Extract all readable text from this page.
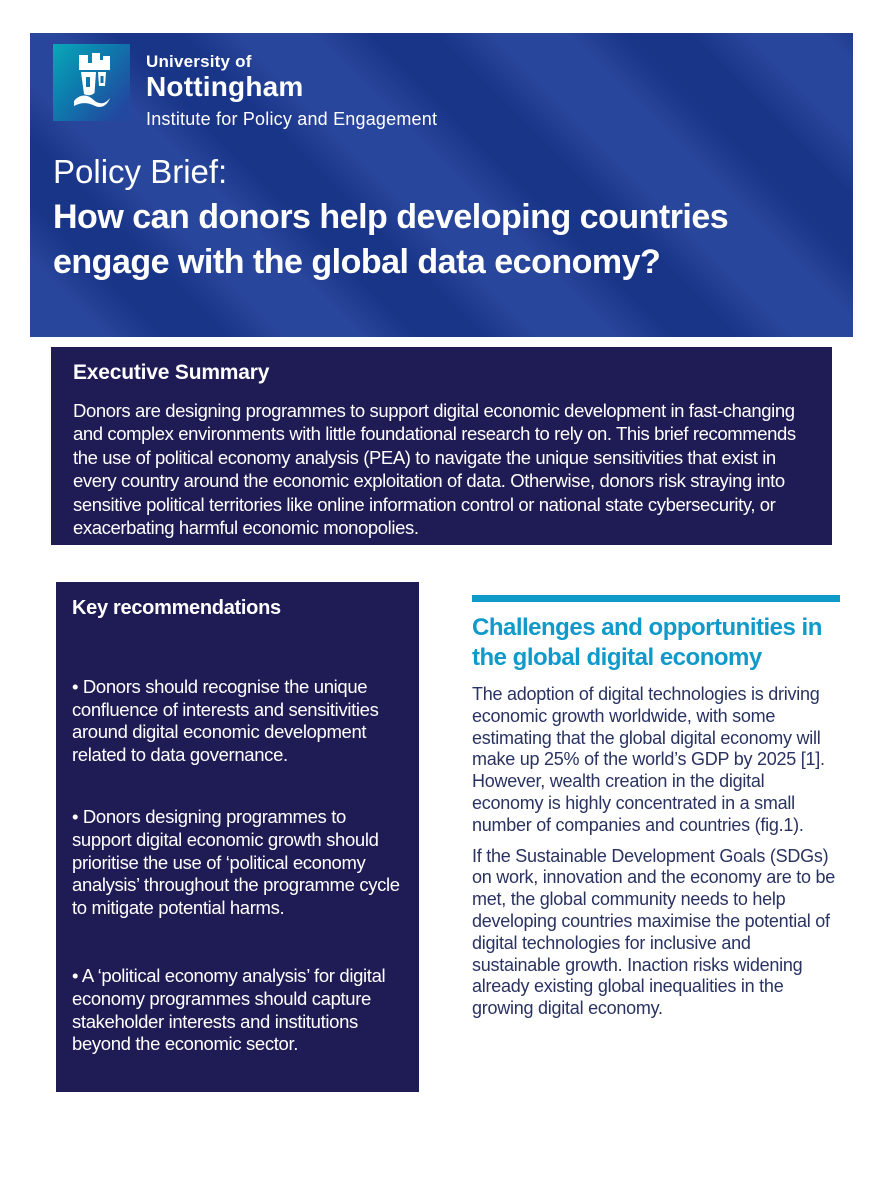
University of
Nottingham
Institute for Policy and Engagement
Policy Brief:
How can donors help developing countries
engage with the global data economy?
Executive Summary

Donors are designing programmes to support digital economic development in fast-changing and complex environments with little foundational research to rely on. This brief recommends the use of political economy analysis (PEA) to navigate the unique sensitivities that exist in every country around the economic exploitation of data. Otherwise, donors risk straying into sensitive political territories like online information control or national state cybersecurity, or exacerbating harmful economic monopolies.

Key recommendations

• Donors should recognise the unique confluence of interests and sensitivities around digital economic development related to data governance.

• Donors designing programmes to support digital economic growth should prioritise the use of ‘political economy analysis’ throughout the programme cycle to mitigate potential harms.

• A ‘political economy analysis’ for digital economy programmes should capture stakeholder interests and institutions beyond the economic sector.

Challenges and opportunities in the global digital economy

The adoption of digital technologies is driving economic growth worldwide, with some estimating that the global digital economy will make up 25% of the world’s GDP by 2025 [1]. However, wealth creation in the digital economy is highly concentrated in a small number of companies and countries (fig.1).

If the Sustainable Development Goals (SDGs) on work, innovation and the economy are to be met, the global community needs to help developing countries maximise the potential of digital technologies for inclusive and sustainable growth. Inaction risks widening already existing global inequalities in the growing digital economy.
